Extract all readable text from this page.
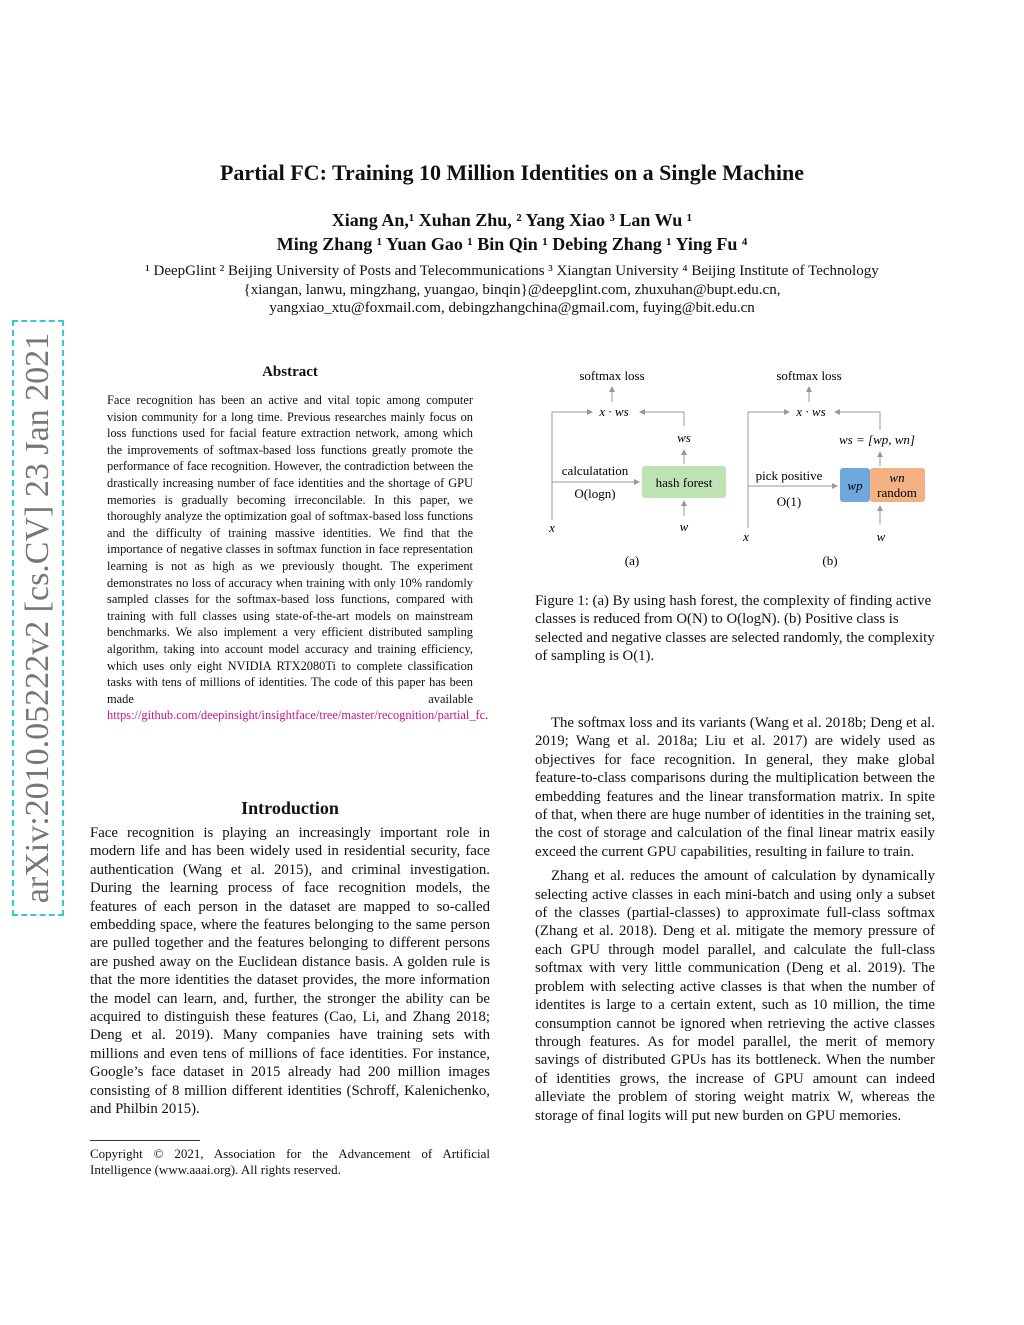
Partial FC: Training 10 Million Identities on a Single Machine
Xiang An,¹ Xuhan Zhu, ² Yang Xiao ³ Lan Wu ¹
Ming Zhang ¹ Yuan Gao ¹ Bin Qin ¹ Debing Zhang ¹ Ying Fu ⁴
¹ DeepGlint ² Beijing University of Posts and Telecommunications ³ Xiangtan University ⁴ Beijing Institute of Technology
{xiangan, lanwu, mingzhang, yuangao, binqin}@deepglint.com, zhuxuhan@bupt.edu.cn,
yangxiao_xtu@foxmail.com, debingzhangchina@gmail.com, fuying@bit.edu.cn
arXiv:2010.05222v2 [cs.CV] 23 Jan 2021	Abstract
Face recognition has been an active and vital topic among computer vision community for a long time. Previous researches mainly focus on loss functions used for facial feature extraction network, among which the improvements of softmax-based loss functions greatly promote the performance of face recognition. However, the contradiction between the drastically increasing number of face identities and the shortage of GPU memories is gradually becoming irreconcilable. In this paper, we thoroughly analyze the optimization goal of softmax-based loss functions and the difficulty of training massive identities. We find that the importance of negative classes in softmax function in face representation learning is not as high as we previously thought. The experiment demonstrates no loss of accuracy when training with only 10% randomly sampled classes for the softmax-based loss functions, compared with training with full classes using state-of-the-art models on mainstream benchmarks. We also implement a very efficient distributed sampling algorithm, taking into account model accuracy and training efficiency, which uses only eight NVIDIA RTX2080Ti to complete classification tasks with tens of millions of identities. The code of this paper has been made available https://github.com/deepinsight/insightface/tree/master/recognition/partial_fc.
Introduction

Face recognition is playing an increasingly important role in modern life and has been widely used in residential security, face authentication (Wang et al. 2015), and criminal investigation. During the learning process of face recognition models, the features of each person in the dataset are mapped to so-called embedding space, where the features belonging to the same person are pulled together and the features belonging to different persons are pushed away on the Euclidean distance basis. A golden rule is that the more identities the dataset provides, the more information the model can learn, and, further, the stronger the ability can be acquired to distinguish these features (Cao, Li, and Zhang 2018; Deng et al. 2019). Many companies have training sets with millions and even tens of millions of face identities. For instance, Google’s face dataset in 2015 already had 200 million images consisting of 8 million different identities (Schroff, Kalenichenko, and Philbin 2015).

Copyright © 2021, Association for the Advancement of Artificial Intelligence (www.aaai.org). All rights reserved.
softmax loss
x · ws
ws
hash forest
calculatation
O(logn)
w
x
(a)
softmax loss
x · ws
ws = [wp, wn]
wp
wn
random
pick positive
O(1)
w
x
(b)
Figure 1: (a) By using hash forest, the complexity of finding active classes is reduced from O(N) to O(logN). (b) Positive class is selected and negative classes are selected randomly, the complexity of sampling is O(1).

The softmax loss and its variants (Wang et al. 2018b; Deng et al. 2019; Wang et al. 2018a; Liu et al. 2017) are widely used as objectives for face recognition. In general, they make global feature-to-class comparisons during the multiplication between the embedding features and the linear transformation matrix. In spite of that, when there are huge number of identities in the training set, the cost of storage and calculation of the final linear matrix easily exceed the current GPU capabilities, resulting in failure to train.

Zhang et al. reduces the amount of calculation by dynamically selecting active classes in each mini-batch and using only a subset of the classes (partial-classes) to approximate full-class softmax (Zhang et al. 2018). Deng et al. mitigate the memory pressure of each GPU through model parallel, and calculate the full-class softmax with very little communication (Deng et al. 2019). The problem with selecting active classes is that when the number of identites is large to a certain extent, such as 10 million, the time consumption cannot be ignored when retrieving the active classes through features. As for model parallel, the merit of memory savings of distributed GPUs has its bottleneck. When the number of identities grows, the increase of GPU amount can indeed alleviate the problem of storing weight matrix W, whereas the storage of final logits will put new burden on GPU memories.
